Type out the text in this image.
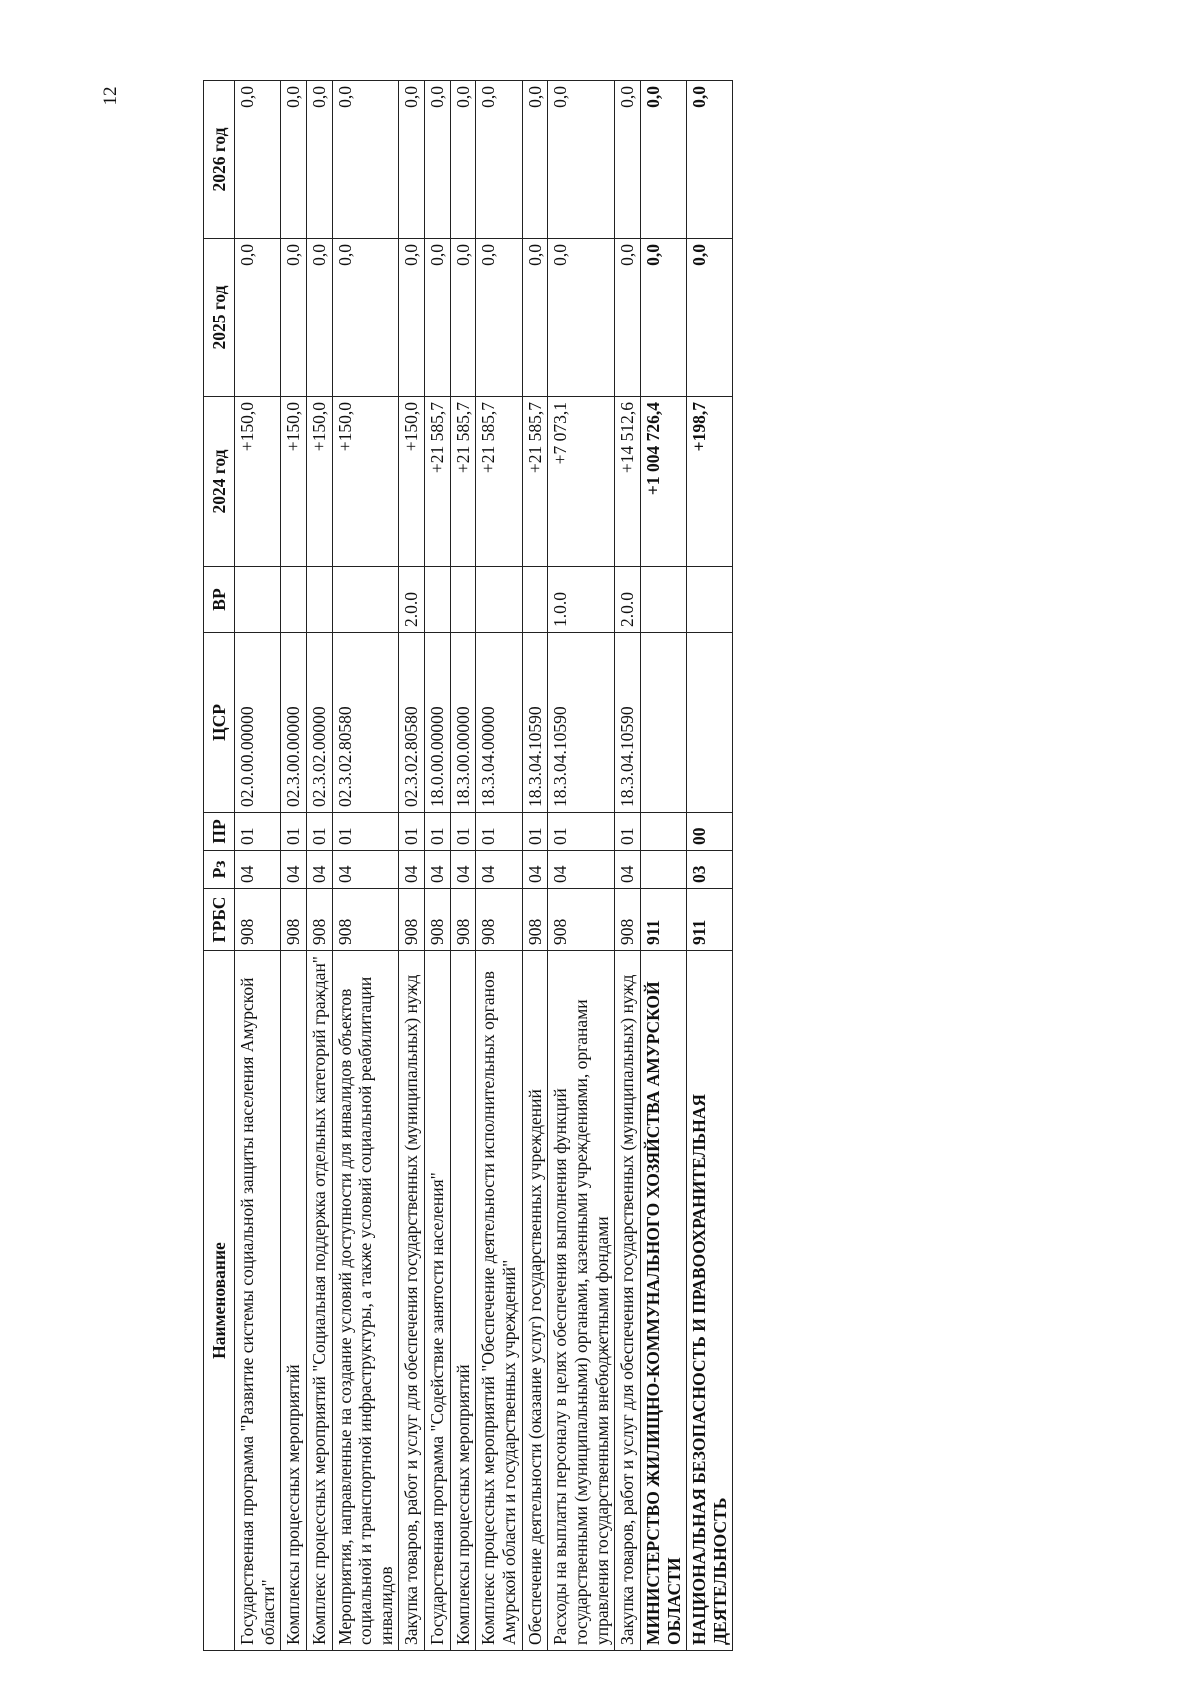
12
Наименование	ГРБС	Рз	ПР	ЦСР	ВР	2024 год	2025 год	2026 год
Государственная программа "Развитие системы социальной защиты населения Амурской области"	908	04	01	02.0.00.00000		+150,0	0,0	0,0
Комплексы процессных мероприятий	908	04	01	02.3.00.00000		+150,0	0,0	0,0
Комплекс процессных мероприятий "Социальная поддержка отдельных категорий граждан"	908	04	01	02.3.02.00000		+150,0	0,0	0,0
Мероприятия, направленные на создание условий доступности для инвалидов объектов социальной и транспортной инфраструктуры, а также условий социальной реабилитации инвалидов	908	04	01	02.3.02.80580		+150,0	0,0	0,0
Закупка товаров, работ и услуг для обеспечения государственных (муниципальных) нужд	908	04	01	02.3.02.80580	2.0.0	+150,0	0,0	0,0
Государственная программа "Содействие занятости населения"	908	04	01	18.0.00.00000		+21 585,7	0,0	0,0
Комплексы процессных мероприятий	908	04	01	18.3.00.00000		+21 585,7	0,0	0,0
Комплекс процессных мероприятий "Обеспечение деятельности исполнительных органов Амурской области и государственных учреждений"	908	04	01	18.3.04.00000		+21 585,7	0,0	0,0
Обеспечение деятельности (оказание услуг) государственных учреждений	908	04	01	18.3.04.10590		+21 585,7	0,0	0,0
Расходы на выплаты персоналу в целях обеспечения выполнения функций государственными (муниципальными) органами, казенными учреждениями, органами управления государственными внебюджетными фондами	908	04	01	18.3.04.10590	1.0.0	+7 073,1	0,0	0,0
Закупка товаров, работ и услуг для обеспечения государственных (муниципальных) нужд	908	04	01	18.3.04.10590	2.0.0	+14 512,6	0,0	0,0
МИНИСТЕРСТВО ЖИЛИЩНО-КОММУНАЛЬНОГО ХОЗЯЙСТВА АМУРСКОЙ ОБЛАСТИ	911					+1 004 726,4	0,0	0,0
НАЦИОНАЛЬНАЯ БЕЗОПАСНОСТЬ И ПРАВООХРАНИТЕЛЬНАЯ ДЕЯТЕЛЬНОСТЬ	911	03	00			+198,7	0,0	0,0
